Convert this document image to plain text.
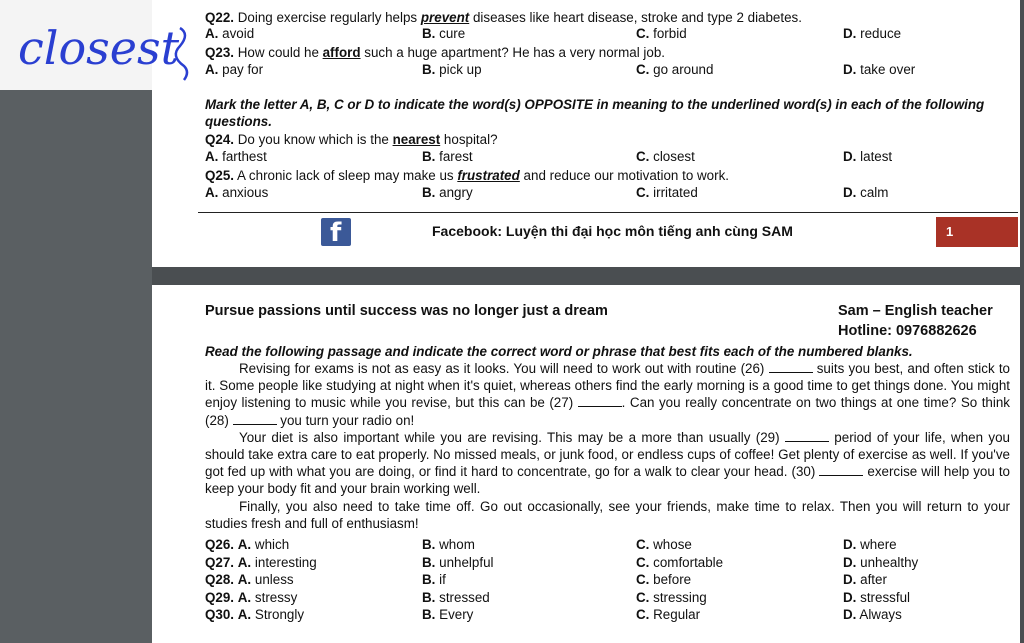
closest
Q22. Doing exercise regularly helps prevent diseases like heart disease, stroke and type 2 diabetes.
A. avoid	B. cure	C. forbid	D. reduce
Q23. How could he afford such a huge apartment? He has a very normal job.
A. pay for	B. pick up	C. go around	D. take over
Mark the letter A, B, C or D to indicate the word(s) OPPOSITE in meaning to the underlined word(s) in each of the following questions.
Q24. Do you know which is the nearest hospital?
A. farthest	B. farest	C. closest	D. latest
Q25. A chronic lack of sleep may make us frustrated and reduce our motivation to work.
A. anxious	B. angry	C. irritated	D. calm
f	Facebook: Luyện thi đại học môn tiếng anh cùng SAM	1
Pursue passions until success was no longer just a dream	Sam – English teacher
Hotline: 0976882626
Read the following passage and indicate the correct word or phrase that best fits each of the numbered blanks.

Revising for exams is not as easy as it looks. You will need to work out with routine (26)	suits you best, and often stick to it. Some people like studying at night when it's quiet, whereas others find the early morning is a good time to get things done. You might enjoy listening to music while you revise, but this can be (27)	. Can you really concentrate on two things at one time? So think (28)	you turn your radio on!

Your diet is also important while you are revising. This may be a more than usually (29)	period of your life, when you should take extra care to eat properly. No missed meals, or junk food, or endless cups of coffee! Get plenty of exercise as well. If you've got fed up with what you are doing, or find it hard to concentrate, go for a walk to clear your head. (30)	exercise will help you to keep your body fit and your brain working well.

Finally, you also need to take time off. Go out occasionally, see your friends, make time to relax. Then you will return to your studies fresh and full of enthusiasm!

Q26. A. which	B. whom	C. whose	D. where
Q27. A. interesting	B. unhelpful	C. comfortable	D. unhealthy
Q28. A. unless	B. if	C. before	D. after
Q29. A. stressy	B. stressed	C. stressing	D. stressful
Q30. A. Strongly	B. Every	C. Regular	D. Always
